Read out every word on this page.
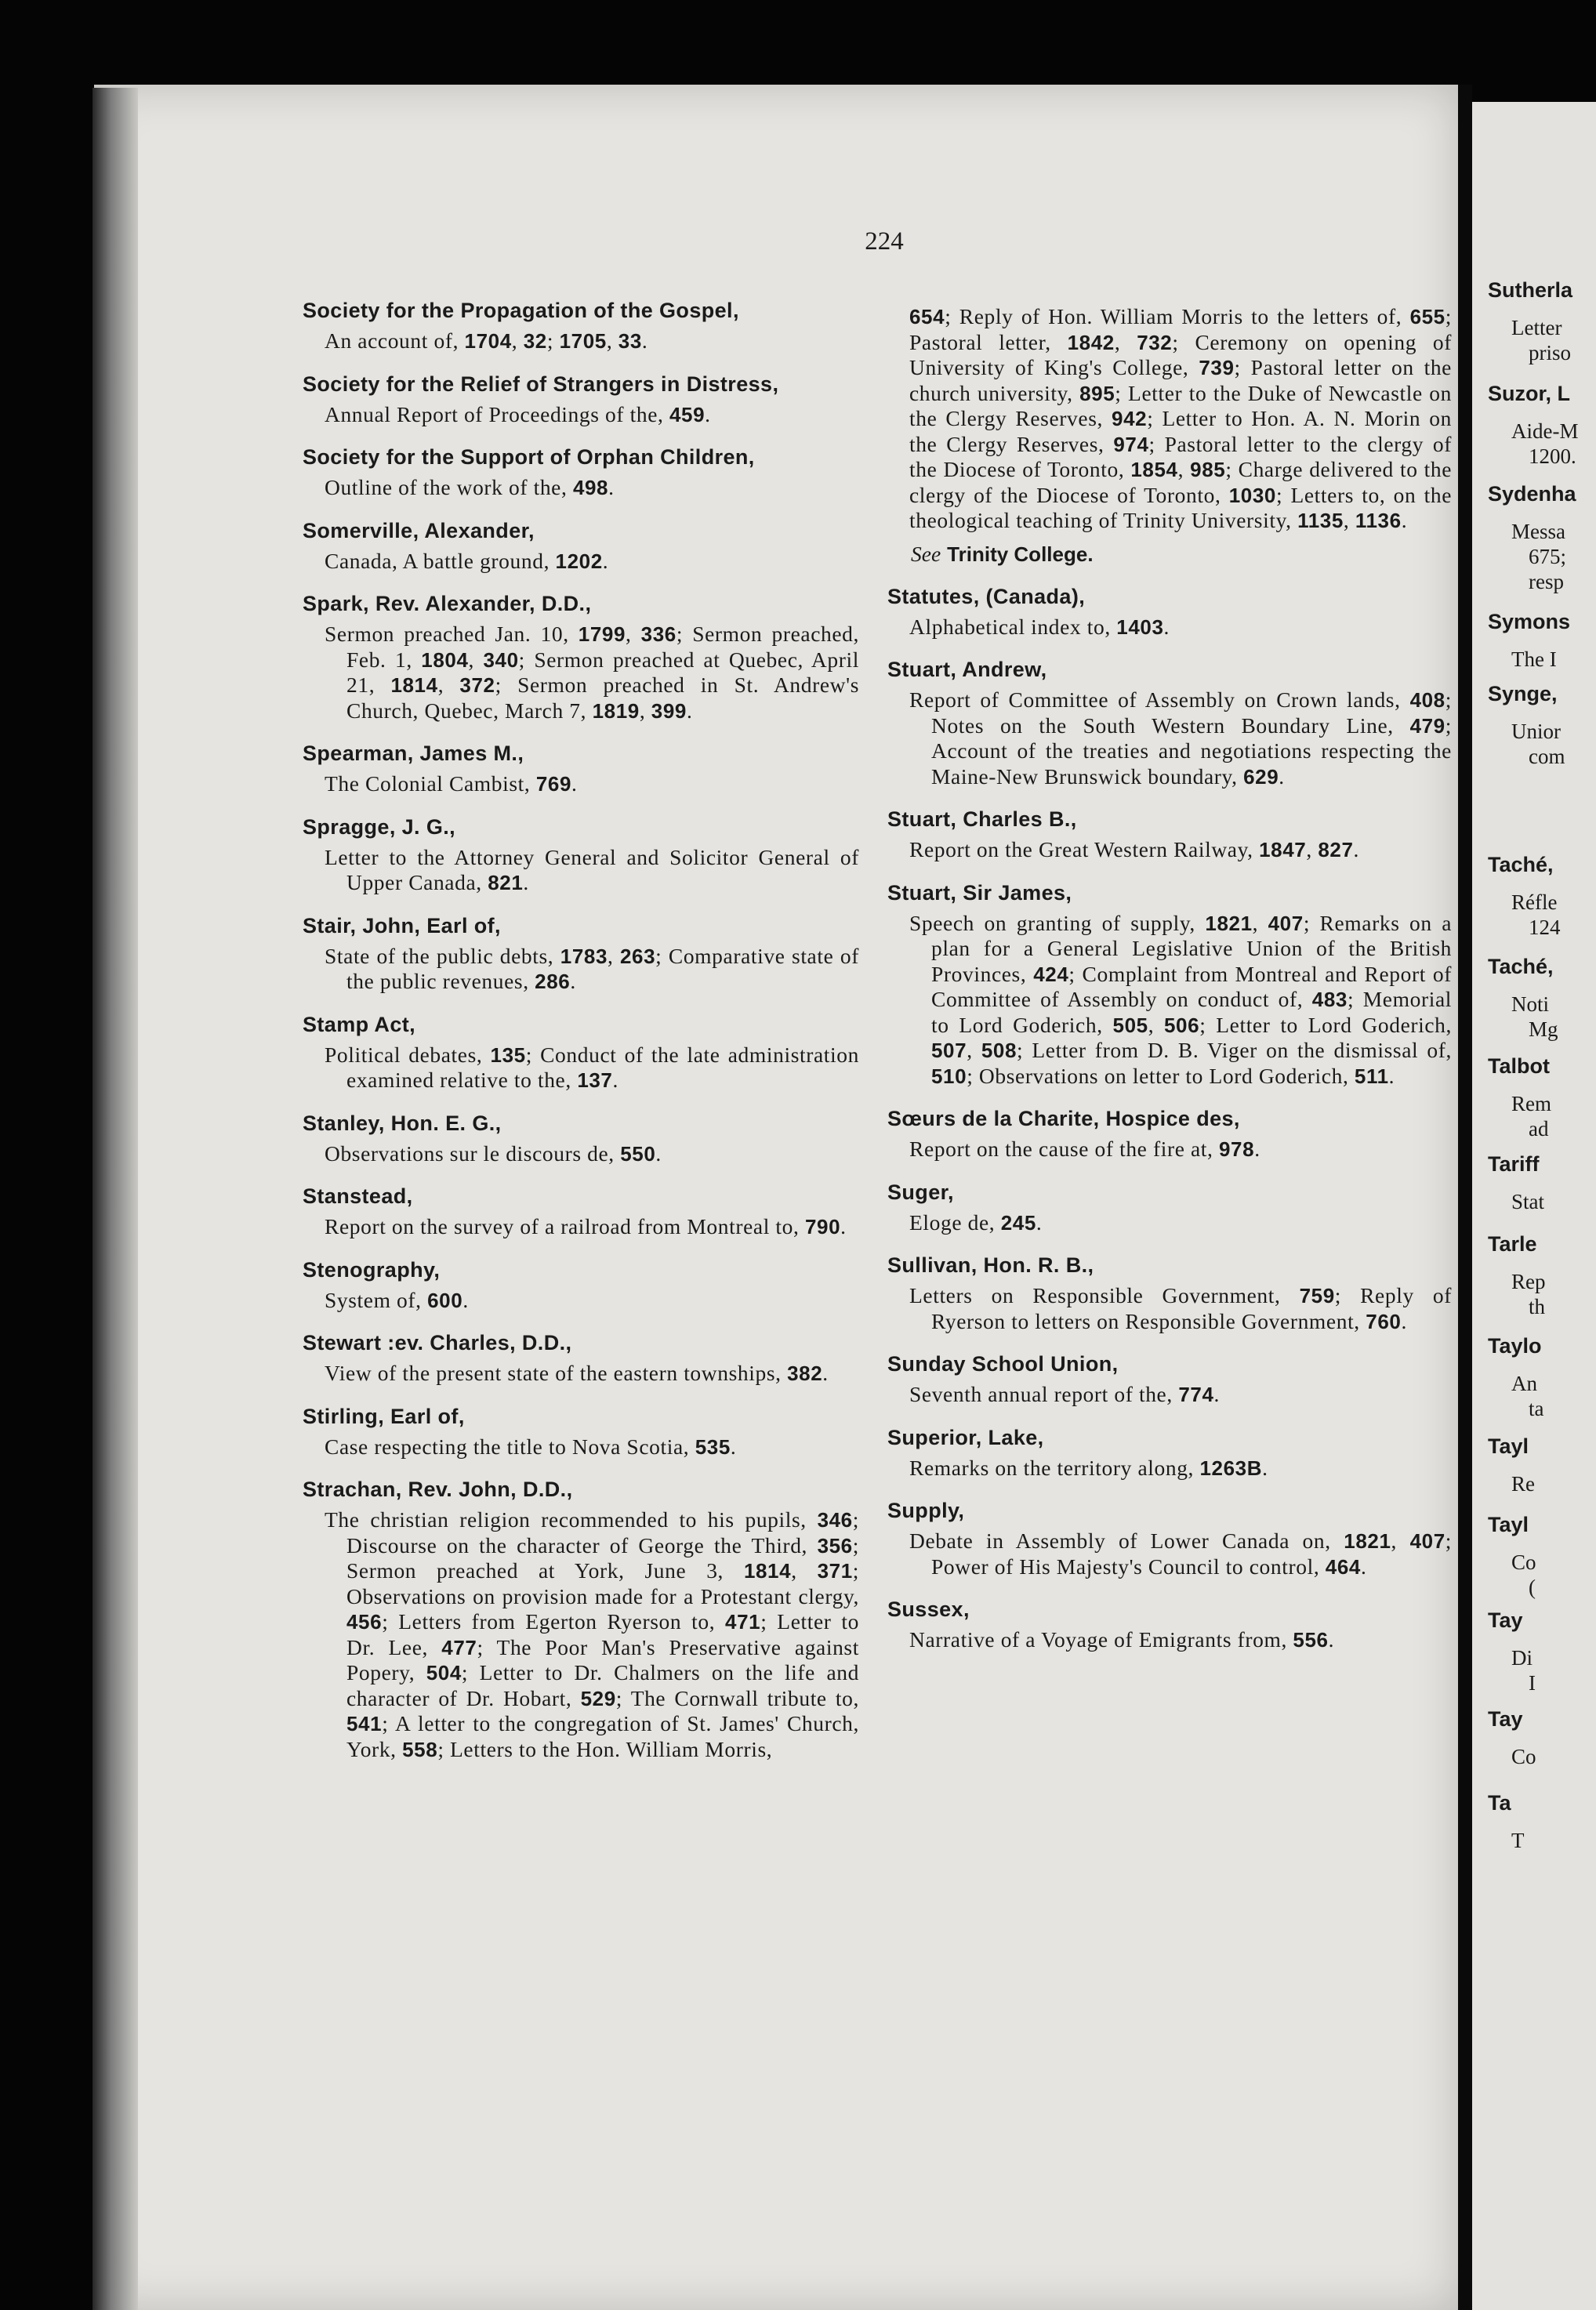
224
Society for the Propagation of the Gospel,
An account of, 1704, 32; 1705, 33.
Society for the Relief of Strangers in Distress,
Annual Report of Proceedings of the, 459.
Society for the Support of Orphan Children,
Outline of the work of the, 498.
Somerville, Alexander,
Canada, A battle ground, 1202.
Spark, Rev. Alexander, D.D.,
Sermon preached Jan. 10, 1799, 336; Sermon preached, Feb. 1, 1804, 340; Sermon preached at Quebec, April 21, 1814, 372; Sermon preached in St. Andrew's Church, Quebec, March 7, 1819, 399.
Spearman, James M.,
The Colonial Cambist, 769.
Spragge, J. G.,
Letter to the Attorney General and Solicitor General of Upper Canada, 821.
Stair, John, Earl of,
State of the public debts, 1783, 263; Comparative state of the public revenues, 286.
Stamp Act,
Political debates, 135; Conduct of the late administration examined relative to the, 137.
Stanley, Hon. E. G.,
Observations sur le discours de, 550.
Stanstead,
Report on the survey of a railroad from Montreal to, 790.
Stenography,
System of, 600.
Stewart :ev. Charles, D.D.,
View of the present state of the eastern townships, 382.
Stirling, Earl of,
Case respecting the title to Nova Scotia, 535.
Strachan, Rev. John, D.D.,
The christian religion recommended to his pupils, 346; Discourse on the character of George the Third, 356; Sermon preached at York, June 3, 1814, 371; Observations on provision made for a Protestant clergy, 456; Letters from Egerton Ryerson to, 471; Letter to Dr. Lee, 477; The Poor Man's Preservative against Popery, 504; Letter to Dr. Chalmers on the life and character of Dr. Hobart, 529; The Cornwall tribute to, 541; A letter to the congregation of St. James' Church, York, 558; Letters to the Hon. William Morris,
654; Reply of Hon. William Morris to the letters of, 655; Pastoral letter, 1842, 732; Ceremony on opening of University of King's College, 739; Pastoral letter on the church university, 895; Letter to the Duke of Newcastle on the Clergy Reserves, 942; Letter to Hon. A. N. Morin on the Clergy Reserves, 974; Pastoral letter to the clergy of the Diocese of Toronto, 1854, 985; Charge delivered to the clergy of the Diocese of Toronto, 1030; Letters to, on the theological teaching of Trinity University, 1135, 1136.
See Trinity College.
Statutes, (Canada),
Alphabetical index to, 1403.
Stuart, Andrew,
Report of Committee of Assembly on Crown lands, 408; Notes on the South Western Boundary Line, 479; Account of the treaties and negotiations respecting the Maine-New Brunswick boundary, 629.
Stuart, Charles B.,
Report on the Great Western Railway, 1847, 827.
Stuart, Sir James,
Speech on granting of supply, 1821, 407; Remarks on a plan for a General Legislative Union of the British Provinces, 424; Complaint from Montreal and Report of Committee of Assembly on conduct of, 483; Memorial to Lord Goderich, 505, 506; Letter to Lord Goderich, 507, 508; Letter from D. B. Viger on the dismissal of, 510; Observations on letter to Lord Goderich, 511.
Sœurs de la Charite, Hospice des,
Report on the cause of the fire at, 978.
Suger,
Eloge de, 245.
Sullivan, Hon. R. B.,
Letters on Responsible Government, 759; Reply of Ryerson to letters on Responsible Government, 760.
Sunday School Union,
Seventh annual report of the, 774.
Superior, Lake,
Remarks on the territory along, 1263B.
Supply,
Debate in Assembly of Lower Canada on, 1821, 407; Power of His Majesty's Council to control, 464.
Sussex,
Narrative of a Voyage of Emigrants from, 556.
Sutherla
Letter
priso
Suzor, L
Aide-M
1200.
Sydenha
Messa
675;
resp
Symons
The I
Synge,
Unior
com
Taché,
Réfle
124
Taché,
Noti
Mg
Talbot
Rem
ad
Tariff
Stat
Tarle
Rep
th
Taylo
An
ta
Tayl
Re
Tayl
Co
(
Tay
Di
I
Tay
Co
Ta
T
